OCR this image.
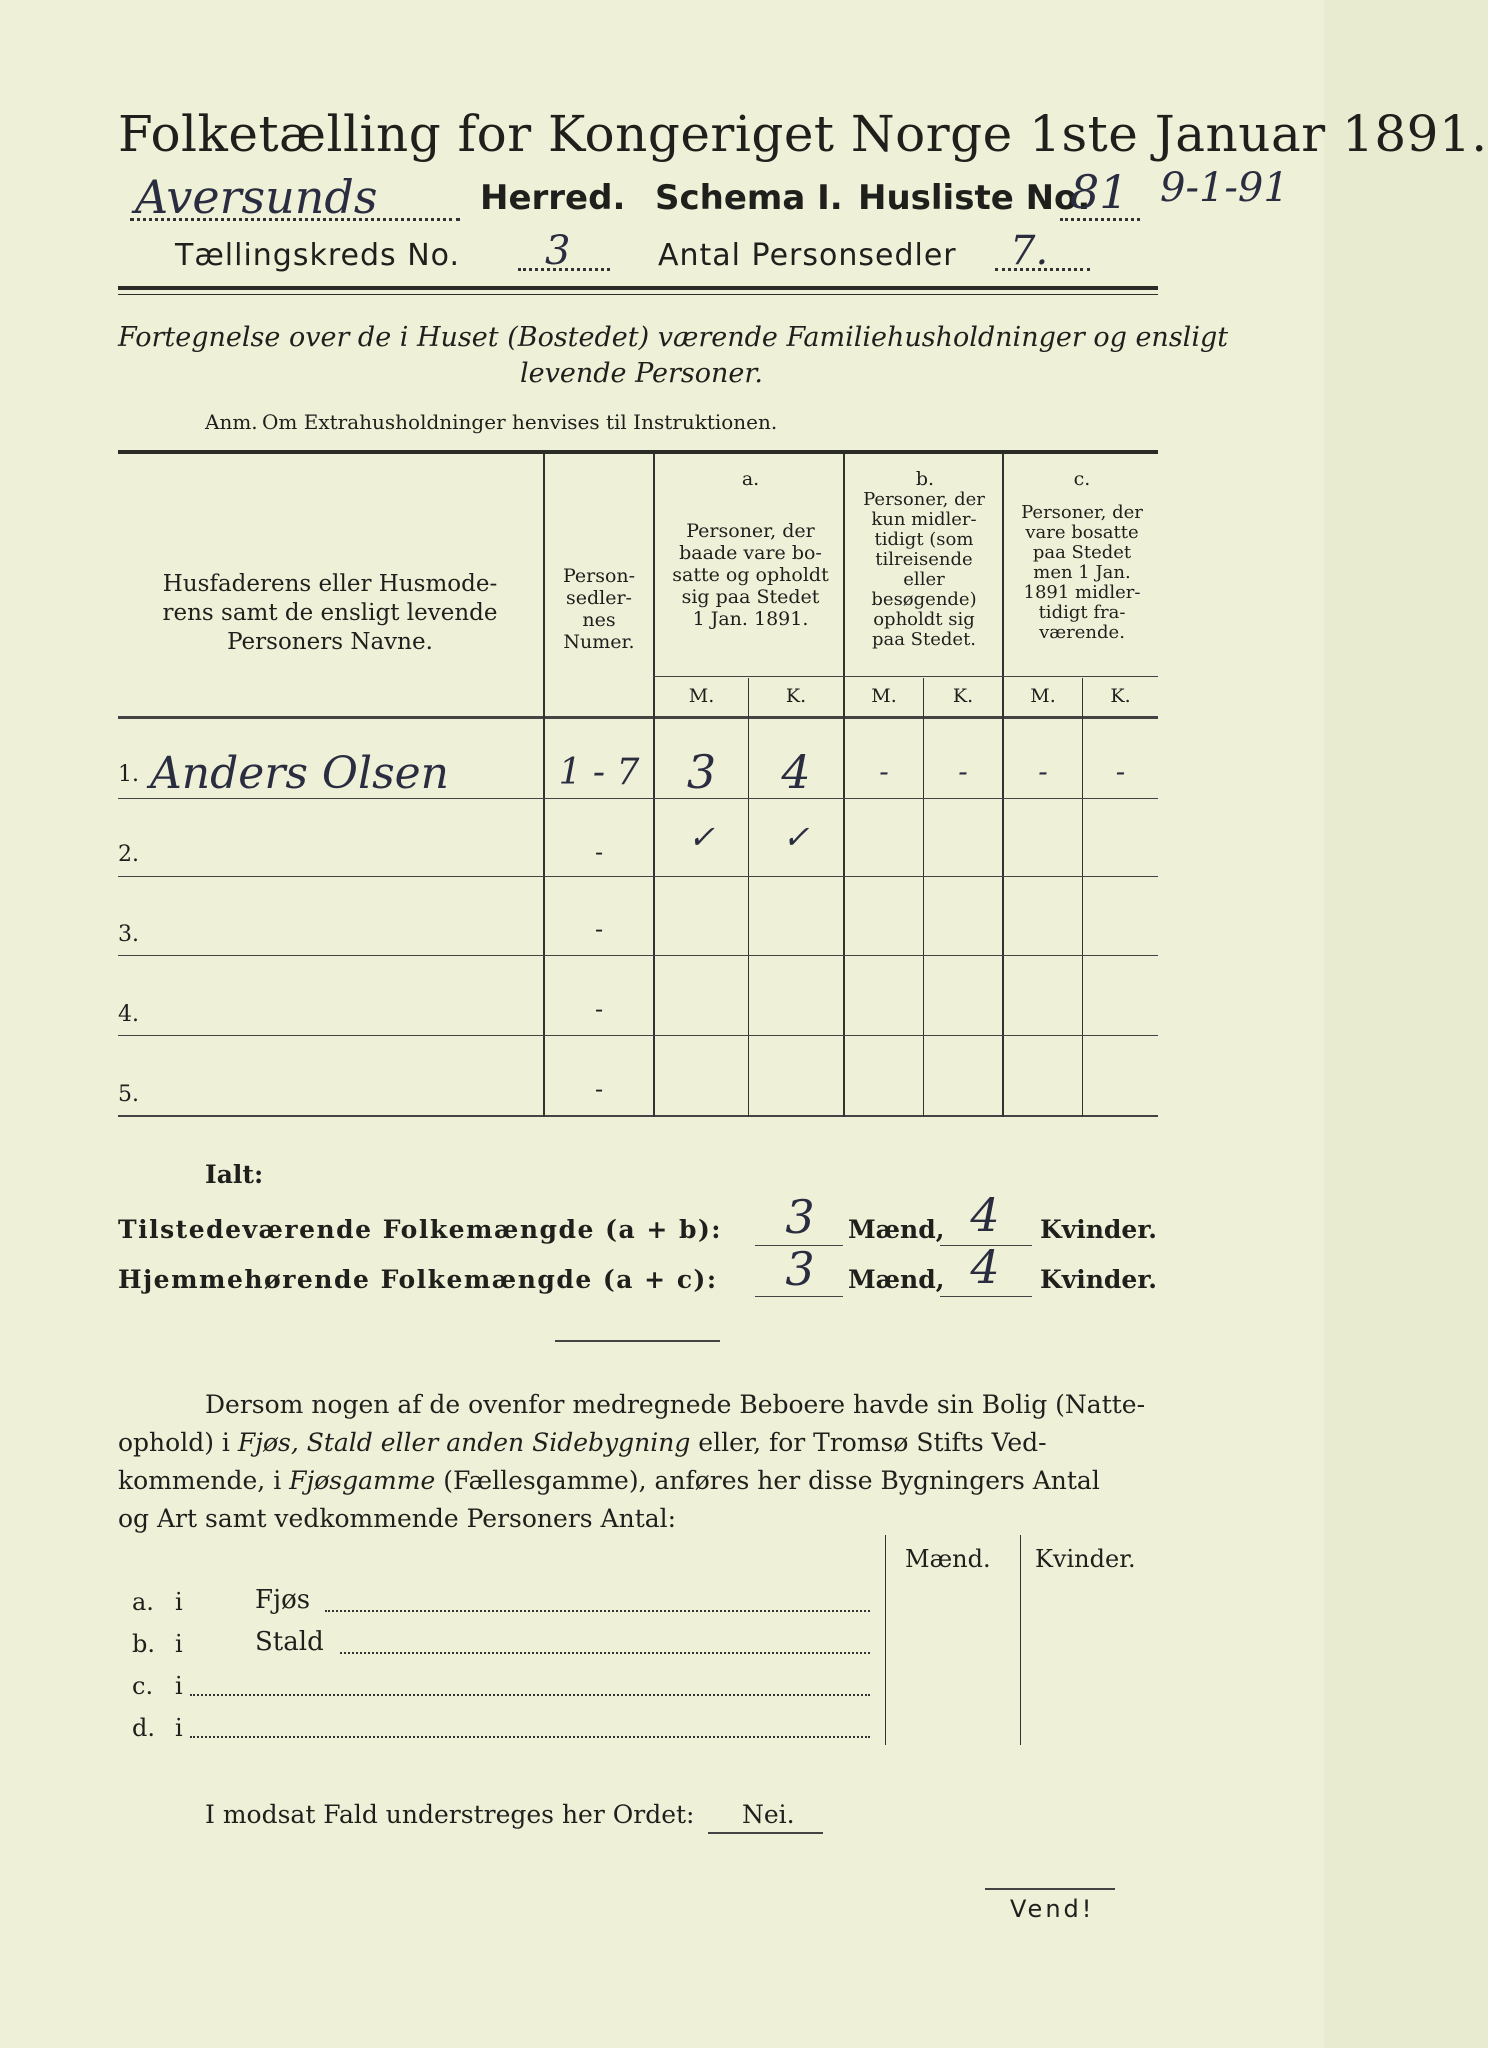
Folketælling for Kongeriget Norge 1ste Januar 1891.
Aversunds	Herred. Schema I. Husliste No.
81 9-1-91
Tællingskreds No. 3	Antal Personsedler 7.
Fortegnelse over de i Huset (Bostedet) værende Familiehusholdninger og ensligt
levende Personer.
Anm. Om Extrahusholdninger henvises til Instruktionen.
Husfaderens eller Husmode-
rens samt de ensligt levende
Personers Navne.
Person-
sedler-
nes
Numer.
a.
Personer, der
baade vare bo-
satte og opholdt
sig paa Stedet
1 Jan. 1891.
b.
Personer, der
kun midler-
tidigt (som
tilreisende
eller
besøgende)
opholdt sig
paa Stedet.
c.
Personer, der
vare bosatte
paa Stedet
men 1 Jan.
1891 midler-
tidigt fra-
værende.
M.	K.	M.	K.	M.	K.
1. Anders Olsen	1 - 7	3	4	-	-	-	-
2.	-	✓	✓
3.	-
4.	-
5.	-
Ialt:
Tilstedeværende Folkemængde (a + b):	3	Mænd, 4	Kvinder.
Hjemmehørende Folkemængde (a + c):	3	Mænd, 4	Kvinder.
Dersom nogen af de ovenfor medregnede Beboere havde sin Bolig (Natte-
ophold) i Fjøs, Stald eller anden Sidebygning eller, for Tromsø Stifts Ved-
kommende, i Fjøsgamme (Fællesgamme), anføres her disse Bygningers Antal
og Art samt vedkommende Personers Antal:
Mænd. Kvinder.
a. i	Fjøs
b. i	Stald
c. i
d. i
I modsat Fald understreges her Ordet: Nei.
Vend!
